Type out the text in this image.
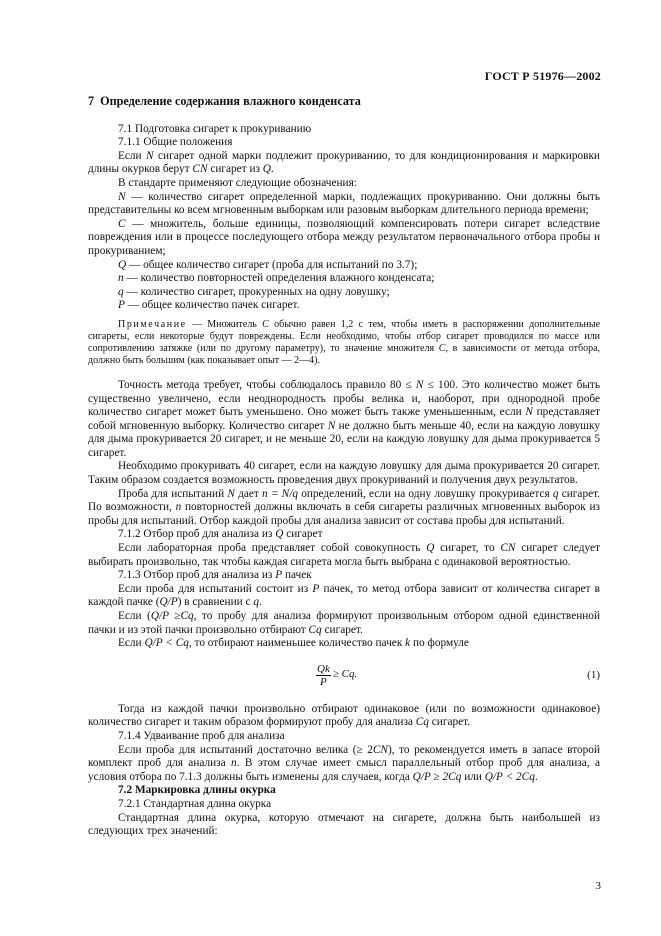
ГОСТ Р 51976—2002
7 Определение содержания влажного конденсата

7.1 Подготовка сигарет к прокуриванию

7.1.1 Общие положения

Если N сигарет одной марки подлежит прокуриванию, то для кондиционирования и маркировки длины окурков берут CN сигарет из Q.

В стандарте применяют следующие обозначения:

N — количество сигарет определенной марки, подлежащих прокуриванию. Они должны быть представительны ко всем мгновенным выборкам или разовым выборкам длительного периода времени;

C — множитель, больше единицы, позволяющий компенсировать потери сигарет вследствие повреждения или в процессе последующего отбора между результатом первоначального отбора пробы и прокуриванием;

Q — общее количество сигарет (проба для испытаний по 3.7);

n — количество повторностей определения влажного конденсата;

q — количество сигарет, прокуренных на одну ловушку;

P — общее количество пачек сигарет.

Примечание — Множитель C обычно равен 1,2 с тем, чтобы иметь в распоряжении дополнительные сигареты, если некоторые будут повреждены. Если необходимо, чтобы отбор сигарет проводился по массе или сопротивлению затяжке (или по другому параметру), то значение множителя C, в зависимости от метода отбора, должно быть большим (как показывает опыт — 2—4).

Точность метода требует, чтобы соблюдалось правило 80 ≤ N ≤ 100. Это количество может быть существенно увеличено, если неоднородность пробы велика и, наоборот, при однородной пробе количество сигарет может быть уменьшено. Оно может быть также уменьшенным, если N представляет собой мгновенную выборку. Количество сигарет N не должно быть меньше 40, если на каждую ловушку для дыма прокуривается 20 сигарет, и не меньше 20, если на каждую ловушку для дыма прокуривается 5 сигарет.

Необходимо прокуривать 40 сигарет, если на каждую ловушку для дыма прокуривается 20 сигарет. Таким образом создается возможность проведения двух прокуриваний и получения двух результатов.

Проба для испытаний N дает n = N/q определений, если на одну ловушку прокуривается q сигарет. По возможности, n повторностей должны включать в себя сигареты различных мгновенных выборок из пробы для испытаний. Отбор каждой пробы для анализа зависит от состава пробы для испытаний.

7.1.2 Отбор проб для анализа из Q сигарет

Если лабораторная проба представляет собой совокупность Q сигарет, то CN сигарет следует выбирать произвольно, так чтобы каждая сигарета могла быть выбрана с одинаковой вероятностью.

7.1.3 Отбор проб для анализа из P пачек

Если проба для испытаний состоит из P пачек, то метод отбора зависит от количества сигарет в каждой пачке (Q/P) в сравнении с q.

Если (Q/P ≥Cq, то пробу для анализа формируют произвольным отбором одной единственной пачки и из этой пачки произвольно отбирают Cq сигарет.

Если Q/P < Cq, то отбирают наименьшее количество пачек k по формуле

$\frac{Qk}{P} \ge Cq$.	(1)

Тогда из каждой пачки произвольно отбирают одинаковое (или по возможности одинаковое) количество сигарет и таким образом формируют пробу для анализа Cq сигарет.

7.1.4 Удваивание проб для анализа

Если проба для испытаний достаточно велика (≥ 2CN), то рекомендуется иметь в запасе второй комплект проб для анализа n. В этом случае имеет смысл параллельный отбор проб для анализа, а условия отбора по 7.1.3 должны быть изменены для случаев, когда Q/P ≥ 2Cq или Q/P < 2Cq.

7.2 Маркировка длины окурка

7.2.1 Стандартная длина окурка

Стандартная длина окурка, которую отмечают на сигарете, должна быть наибольшей из следующих трех значений:

3
